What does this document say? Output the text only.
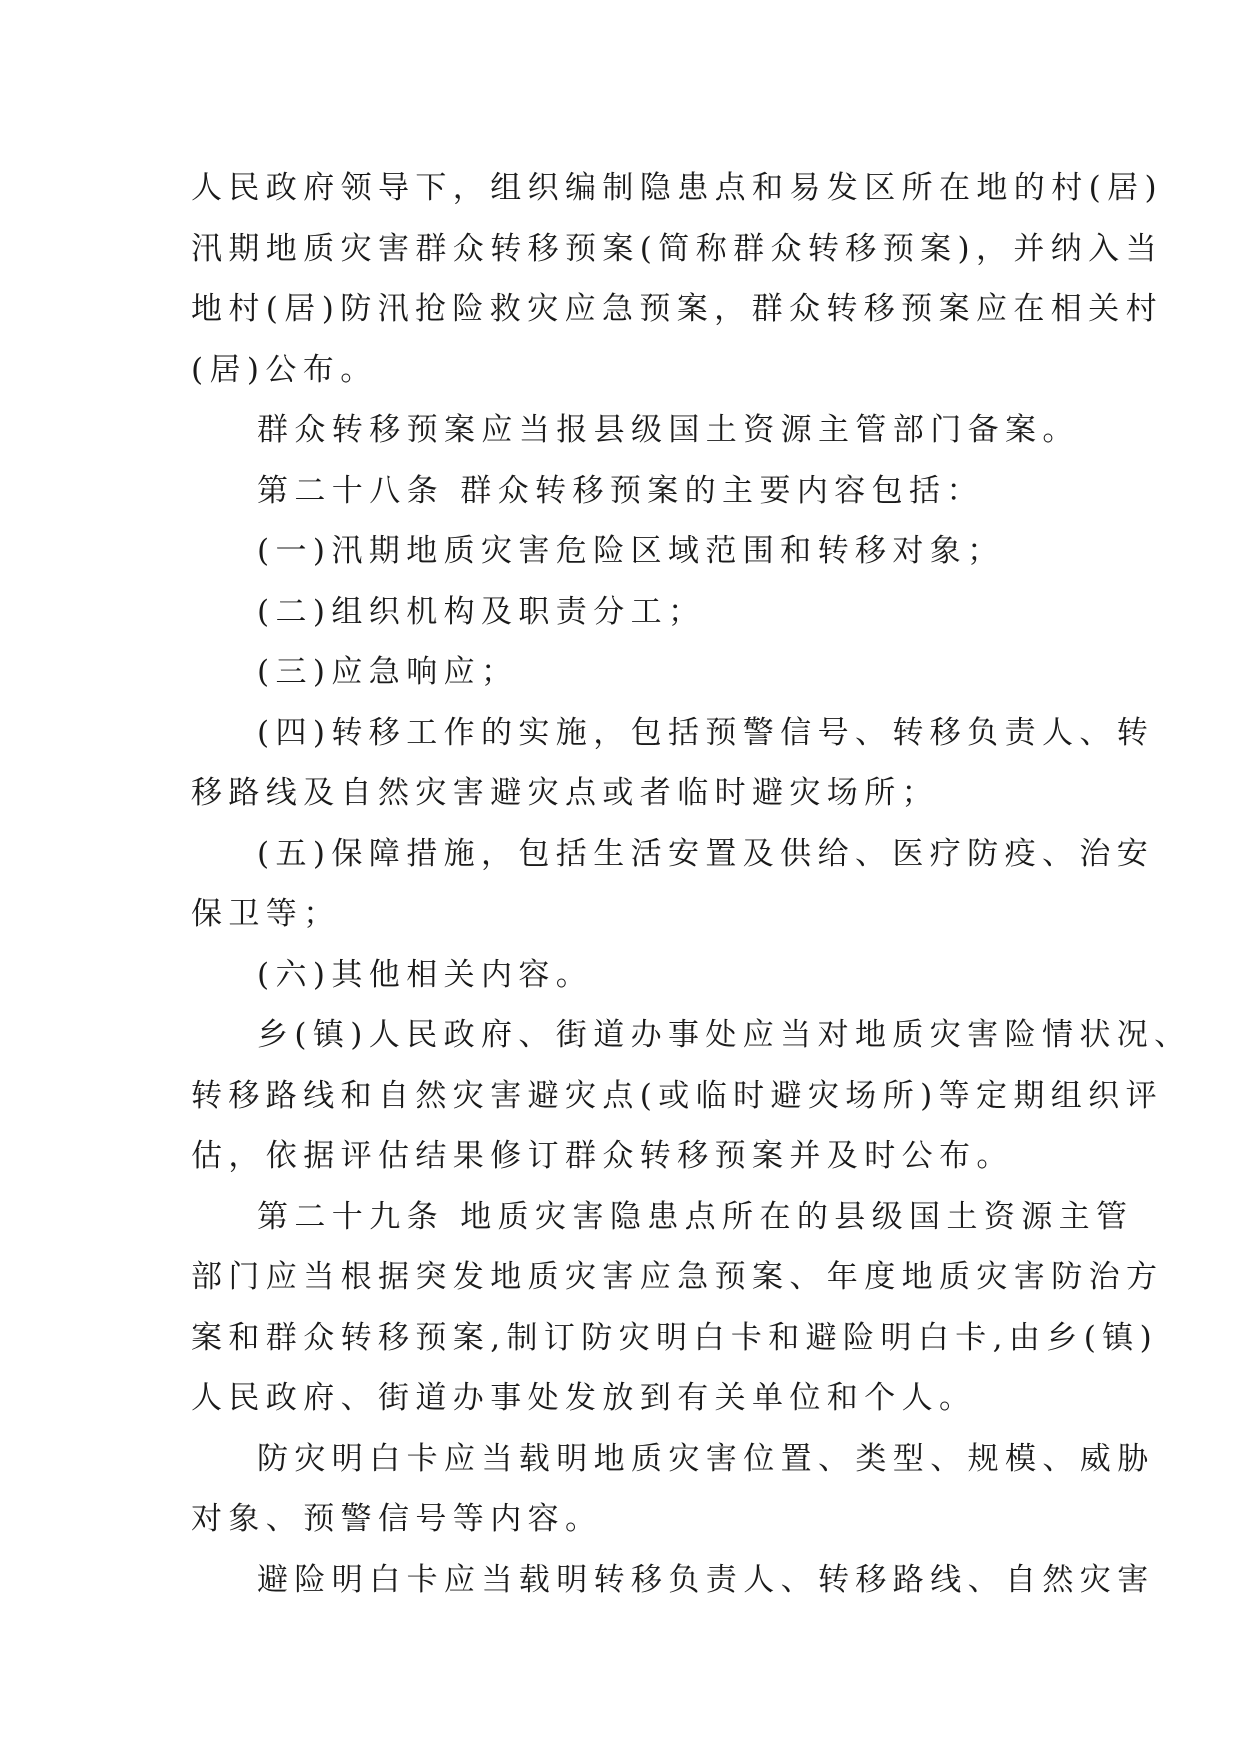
人民政府领导下，组织编制隐患点和易发区所在地的村(居)
汛期地质灾害群众转移预案(简称群众转移预案)，并纳入当
地村(居)防汛抢险救灾应急预案，群众转移预案应在相关村
(居)公布。
群众转移预案应当报县级国土资源主管部门备案。
第二十八条 群众转移预案的主要内容包括：
(一)汛期地质灾害危险区域范围和转移对象；
(二)组织机构及职责分工；
(三)应急响应；
(四)转移工作的实施，包括预警信号、转移负责人、转
移路线及自然灾害避灾点或者临时避灾场所；
(五)保障措施，包括生活安置及供给、医疗防疫、治安
保卫等；
(六)其他相关内容。
乡(镇)人民政府、街道办事处应当对地质灾害险情状况、
转移路线和自然灾害避灾点(或临时避灾场所)等定期组织评
估，依据评估结果修订群众转移预案并及时公布。
第二十九条 地质灾害隐患点所在的县级国土资源主管
部门应当根据突发地质灾害应急预案、年度地质灾害防治方
案和群众转移预案,制订防灾明白卡和避险明白卡,由乡(镇)
人民政府、街道办事处发放到有关单位和个人。
防灾明白卡应当载明地质灾害位置、类型、规模、威胁
对象、预警信号等内容。
避险明白卡应当载明转移负责人、转移路线、自然灾害
